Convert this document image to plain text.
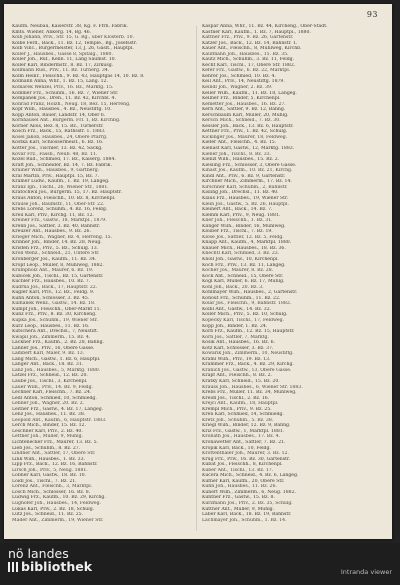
93
Kaufm. Neubau, Kaiserstr. 38, Kg. F. Ffrn. Fabrik.
Kmts. Wiener, Ankerg. 14, Bg. 46.
Kolb Johann, Priv., Str. 15, G. Bg., über Klosterb. 10.
Kolbe Ferd., Bäck., 11. Bz. 12, Temple., Bg., Josefsstr.
Kolb Vinc., Bürgermeister, 13, J. 26, Gaslt., Hauptpl.
Koller J., Hausbes., Gasse 8, Spitalg., 1880.
Koller Joh., Ruf., Kelln. 11, Lang Saumst. 10.
Koller Karl, Bindermstr., 8. Bz. 17, Zirkusg.
Kollmann Rud., Priv., 11. Bz. Turnerg. 34.
Kolm Heinr., Fleischh., 9. Bz. 43, Hauptgas 14, 10. Bz. 8.
Kolmann Anna, Whr., 1. Bz. 15, Lang. 12.
Komarek Wenzel, Priv., 16. Bz., Marktg. 15.
Kommer Frz., Schuhm., 16. Bz. 7, Wiener Str.
Kompanek Jos., Dreh., 11. Bz. 42, Kirchbl. 4.
Konrad Franz, Holzh., Neug. 18, Bez. 15, Herreng.
Kopf Wilh., Hausbes., 4. Bz., Neustiftg. 10.
Kopp Anton, Bauer, Landstr. 14, Ober 6.
Kornhäusel Ant., Bürgerm. Frl. 1, Bz. Kirchbg.
Korner Alois, Bez. 8, 15. Bz., Turnerstr.
Kosch Frz., Bäck., 15, Rathsstr. 1. 1883.
Kosel Jakob, Hausbes., 24, Obere Pfarrg.
Kostka Karl, Schlossermeist., 6. Bz. 16.
Kotter Jos., Tischler, 13. Bz. 42, Sackg.
Kovar Frz., Fassb., Neub. 48, Bz. 11.
Kozel Rud., Schmied, 17. Bz., Kaiserg. 1884.
Kraft Joh., Schneider, Bz. 14, 7. Bz. Fabrik.
Krainer Wilh., Hausbes., 9, Gärtnerg.
Kral Martin, Priv., Hauptpl. 15, Bz. 7.
Kramer Ludw., Kaufm., 1. Bz. 19, Langeg.
Kranz Ign., Tischl., 26, Wiener Str., 1881.
Kratochwil Jos., Bürgerm. 15, 17. Bz. Hauptstr.
Kraus Anton, Fleischh., 10. Bz. 8, Kirchenpl.
Krause Joh., Baumstr., 11, Ober-Str. 22.
Krebs Lorenz, Schuhm., 4. Bz. 16, Feldg.
Kreil Karl, Priv., Kirchg. 11, Bz. 12.
Kreiner Frz., Gastw., 18, Marktpl., 1879.
Krenn Jos., Sattler, 3. Bz. 40, Bahnstr.
Kreuzer Ant., Hausbes., 9. Bz. 26.
Krieger Mich., Wagner, Bz. 4, Herreng. 15.
Krinner Joh., Binder, 14. Bz. 28, Neug.
Kristen Frz., Priv., 5. Bz., Schulg. 13.
Kroll Wenz., Schneid., 21, Untere Str.
Kronberger Jos., Kaufm., 11. Bz. 34.
Kropf Leop., Müller, 8, Mühlweg, 1882.
Krumpholz Ant., Maurer, 6. Bz. 19.
Kubicek Joh., Tischl., Bz. 15, Gartenstr.
Kuchler Frz., Hausbes., 10. Bz. 7.
Kudrna Jos., Bäck., 17, Hauptstr. 22.
Kugler Karl, Priv., 12. Bz., Feldg. 9.
Kuhn Anton, Schlosser, 3. Bz. 45.
Kulhanek Wenz., Gastw., 14. Bz. 18.
Kumpf Joh., Fleischh., Ober-Markt 11.
Kunz Frz., Priv., 8. Bz. 30, Kircheng.
Kupka Jos., Schuhm., 19, Wiener Str.
Kurz Leop., Hausbes., 11. Bz. 16.
Kutschera Ant., Drechsl., 7, Neustift.
Kwapil Joh., Zimmerm., 15. Bz. 4.
Lackner Frz., Kaufm., 2. Bz. 28, Bahng.
Lahner Jos., Priv., 16, Obere Gasse.
Lambert Karl, Maler, 9. Bz. 13.
Lang Mich., Gastw., 1. Bz. 6, Hauptpl.
Langer Ant., Bäck., 18. Bz. 31.
Lanz Joh., Hausbes., 5, Marktg. 1880.
Latzel Frz., Schneid., 12. Bz. 20.
Laube Jos., Tischl., 3, Kirchenpl.
Lauer Wilh., Priv., 14. Bz. 9, Feldg.
Lechner Karl, Fleischh., 7. Bz. 24.
Ledl Anton, Schmied, 10, Schmiedg.
Lehner Joh., Wagner, 20. Bz. 2.
Leitner Frz., Gastw., 4. Bz. 17, Langeg.
Lenz Jos., Hausbes., 11. Bz. 38.
Leopold Ant., Kaufm., 6, Hauptstr. 1883.
Lerch Mich., Binder, 15. Bz. 12.
Leschner Karl, Priv., 2. Bz. 40.
Lettner Joh., Müller, 9, Mühlg.
Lichtenecker Frz., Maurer, 13. Bz. 5.
Lieb Jos., Schuhm., 8. Bz. 27.
Lindner Ant., Sattler, 17, Obere Str.
Link Wilh., Hausbes., 1. Bz. 33.
Lipp Frz., Bäck., 12. Bz. 16, Bahnstr.
Lirsch Joh., Priv., 5, Neug. 1881.
Lobner Karl, Gastw., 18. Bz. 10.
Loidl Jos., Tischl., 7. Bz. 21.
Lorenz Ant., Fleischh., 3, Marktpl.
Losch Mich., Schlosser, 16. Bz. 8.
Ludwig Frz., Kaufm., 10. Bz. 29, Kirchg.
Lughofer Joh., Hausbes., 14, Feldweg.
Lukas Karl, Priv., 2. Bz. 18, Schulg.
Lutz Jos., Schneid., 11. Bz. 25.
Mader Ant., Zimmerm., 19, Wiener Str.
Kaspar Anna, Whr., 11. Bz. 44, Kircheng., Ober-Stadt.
Kastner Karl, Kaufm., 1. Bz. 7, Hauptpl., 1880.
Kattner Frz., Priv., 9. Bz. 26, Gartenstr.
Katzer Jos., Bäck., 12. Bz. 14, Bahnstr. 1.
Kauer Ant., Fleischh., 8, Mühlweg, Kirchb.
Kaufmann Joh., Hausbes., 15. Bz. 35.
Kautz Mich., Schuhm., 3. Bz. 11, Feldg.
Kecht Karl, Tischl., 17, Obere Str. 1882.
Kefer Frz., Gastw., 6. Bz. 22, Marktpl.
Kehrer Jos., Schmied, 10. Bz. 4.
Keil Ant., Priv., 14, Neustiftg. 1879.
Keindl Joh., Wagner, 2. Bz. 39.
Keller Wilh., Kaufm., 11. Bz. 18, Langeg.
Kellner Frz., Binder, 5, Kirchenpl.
Kemetter Jos., Hausbes., 16. Bz. 27.
Kern Ant., Sattler, 9. Bz. 12, Bahng.
Kerschbaum Karl, Müller, 20, Mühlg.
Kersch Mich., Schneid., 7. Bz. 30.
Kessler Joh., Bäck., 13. Bz. 6, Hauptstr.
Kettner Frz., Priv., 1. Bz. 42, Schulg.
Kickinger Jos., Maurer, 18, Feldweg.
Kiefer Ant., Fleischh., 4. Bz. 15.
Kienast Karl, Gastw., 12, Marktg. 1883.
Kiener Joh., Tischl., 8. Bz. 33.
Kienzl Wilh., Hausbes., 15. Bz. 2.
Kiesling Frz., Schlosser, 3, Obere Gasse.
Kinast Jos., Kaufm., 10. Bz. 21, Kirchg.
Kindl Ant., Priv., 6. Bz. 9, Gartenstr.
Kirchner Mich., Zimmerm., 17. Bz. 14.
Kirschner Karl, Schuhm., 2, Bahnstr.
Kisling Joh., Drechsl., 11. Bz. 40.
Klaus Frz., Hausbes., 19, Wiener Str.
Klein Jos., Gastw., 5. Bz. 26, Hauptpl.
Kleinert Ant., Bäck., 14. Bz. 7.
Klemm Karl, Priv., 9, Neug. 1881.
Klier Joh., Fleischh., 1. Bz. 31.
Klinger Wilh., Binder, 16, Mühlweg.
Kloiber Frz., Tischl., 7. Bz. 19.
Klose Jos., Sattler, 12. Bz. 5, Feldg.
Knapp Ant., Kaufm., 4, Marktpl. 1880.
Knauer Mich., Hausbes., 18. Bz. 36.
Knechtl Karl, Schmied, 3. Bz. 23.
Knoll Joh., Gastw., 10, Kirchenpl.
Koch Frz., Priv., 13. Bz. 11, Langeg.
Kocher Jos., Maurer, 8. Bz. 28.
Köck Ant., Schneid., 15, Obere Str.
Kögl Karl, Müller, 6. Bz. 17, Mühlg.
Kohl Joh., Bäck., 20. Bz. 3.
Kohlmayer Wilh., Hausbes., 2, Gartenstr.
Kohout Frz., Schuhm., 11. Bz. 22.
Kolar Jos., Fleischh., 9, Bahnstr. 1882.
Kölbl Ant., Gastw., 14. Bz. 32.
Koller Mich., Priv., 5. Bz. 10, Schulg.
Kopecky Karl, Tischl., 17, Feldweg.
Kopp Joh., Binder, 1. Bz. 24.
Korb Frz., Kaufm., 12. Bz. 15, Hauptstr.
Korn Jos., Sattler, 7, Marktg.
Kosik Ant., Hausbes., 16. Bz. 6.
Kotz Karl, Schlosser, 3. Bz. 37.
Kowarik Joh., Zimmerm., 10, Neustiftg.
Kraml Wilh., Priv., 19. Bz. 13.
Krammer Frz., Bäck., 4. Bz. 29, Kirchg.
Kranich Jos., Gastw., 13, Obere Gasse.
Krapf Ant., Fleischh., 8. Bz. 2.
Kratky Karl, Schneid., 15. Bz. 20.
Krauss Joh., Hausbes., 6, Wiener Str. 1883.
Krebs Frz., Müller, 11. Bz. 34, Mühlweg.
Kreidl Jos., Tischl., 2. Bz. 16.
Krejci Ant., Kaufm., 18, Hauptpl.
Krempl Mich., Priv., 9. Bz. 25.
Kren Karl, Schmied, 14, Schmiedg.
Kretz Joh., Schuhm., 5. Bz. 38.
Kriegl Wilh., Binder, 12. Bz. 9, Bahng.
Kriz Frz., Gastw., 1, Marktpl. 1881.
Krobath Jos., Hausbes., 17. Bz. 4.
Kronawetter Ant., Sattler, 7. Bz. 21.
Kropik Karl, Bäck., 10, Feldg.
Krottenthaler Joh., Maurer, 3. Bz. 12.
Krug Frz., Priv., 16. Bz. 30, Gartenstr.
Kubat Jos., Fleischh., 8, Kirchenpl.
Kuber Ant., Tischl., 13. Bz. 17.
Kučera Mich., Schneid., 4. Bz. 6, Langeg.
Kufner Karl, Kaufm., 20, Obere Str.
Kühn Joh., Hausbes., 11. Bz. 26.
Kunert Wilh., Zimmerm., 6, Neug. 1882.
Kuntner Frz., Gastw., 15. Bz. 8.
Kurzmann Jos., Priv., 2. Bz. 35, Schulg.
Kuttner Ant., Müller, 9, Mühlg.
Laber Karl, Bäck., 18. Bz. 19, Bahnstr.
Lachmayer Joh., Schuhm., 1. Bz. 14.
nö landes
bibliothek	Intranda viewer
